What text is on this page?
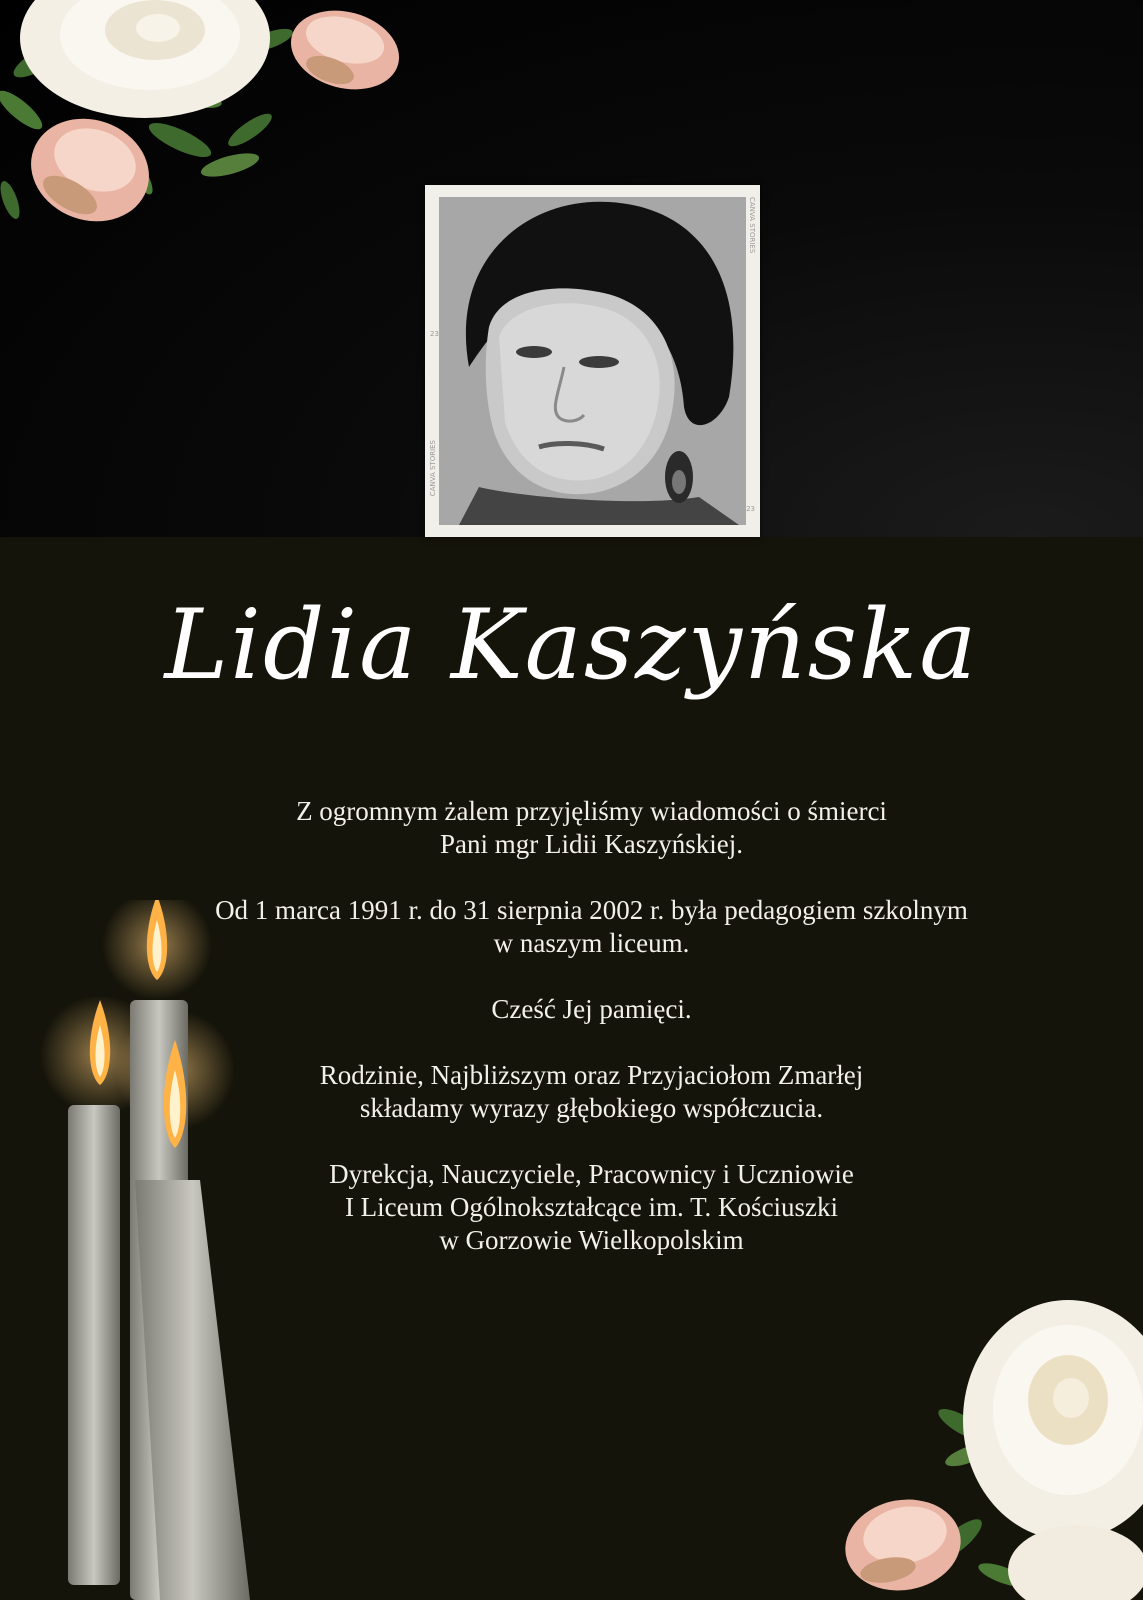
CANVA STORIES
CANVA STORIES
23
23
Lidia Kaszyńska
Z ogromnym żalem przyjęliśmy wiadomości o śmierci
Pani mgr Lidii Kaszyńskiej.
Od 1 marca 1991 r. do 31 sierpnia 2002 r. była pedagogiem szkolnym
w naszym liceum.
Cześć Jej pamięci.
Rodzinie, Najbliższym oraz Przyjaciołom Zmarłej
składamy wyrazy głębokiego współczucia.
Dyrekcja, Nauczyciele, Pracownicy i Uczniowie
I Liceum Ogólnokształcące im. T. Kościuszki
w Gorzowie Wielkopolskim
